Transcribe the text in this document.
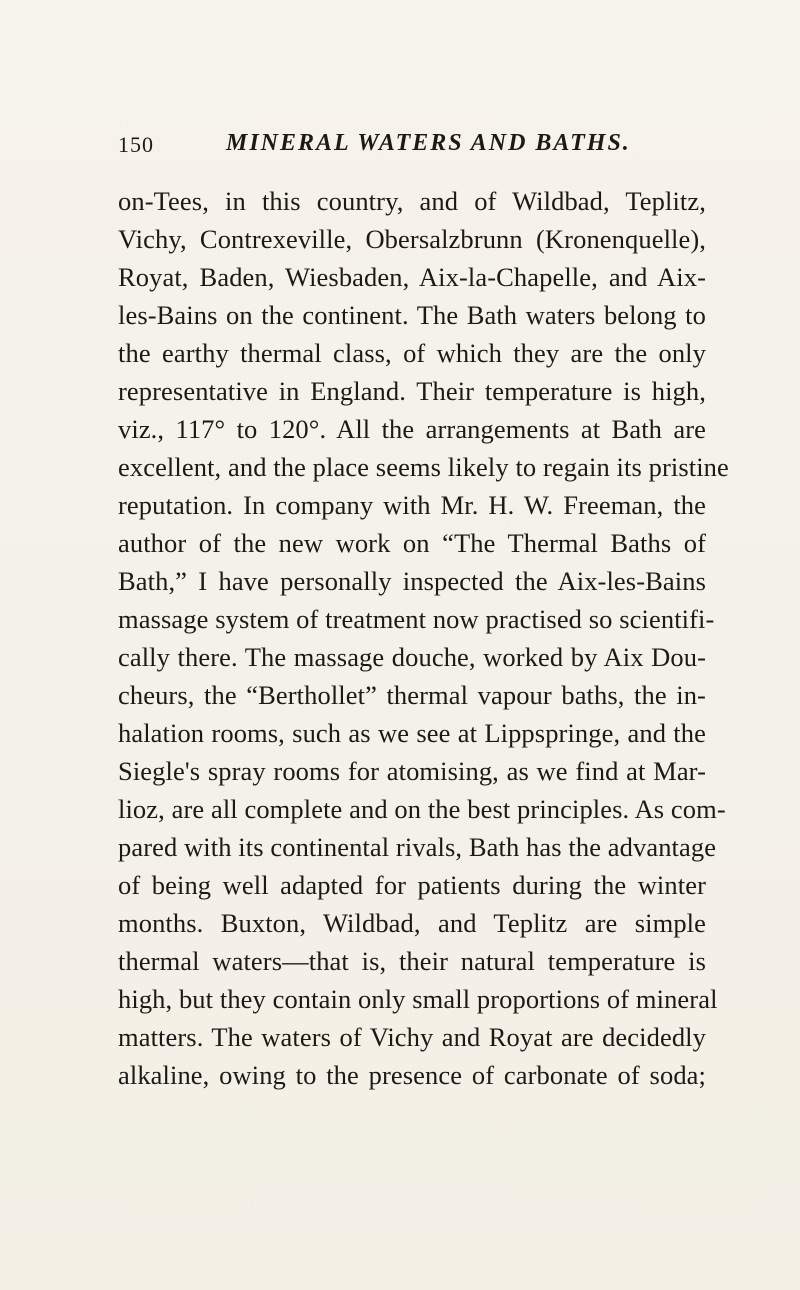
150	MINERAL WATERS AND BATHS.
on-Tees, in this country, and of Wildbad, Teplitz,
Vichy, Contrexeville, Obersalzbrunn (Kronenquelle),
Royat, Baden, Wiesbaden, Aix-la-Chapelle, and Aix-
les-Bains on the continent. The Bath waters belong to
the earthy thermal class, of which they are the only
representative in England. Their temperature is high,
viz., 117° to 120°. All the arrangements at Bath are
excellent, and the place seems likely to regain its pristine
reputation. In company with Mr. H. W. Freeman, the
author of the new work on “The Thermal Baths of
Bath,” I have personally inspected the Aix-les-Bains
massage system of treatment now practised so scientifi-
cally there. The massage douche, worked by Aix Dou-
cheurs, the “Berthollet” thermal vapour baths, the in-
halation rooms, such as we see at Lippspringe, and the
Siegle's spray rooms for atomising, as we find at Mar-
lioz, are all complete and on the best principles. As com-
pared with its continental rivals, Bath has the advantage
of being well adapted for patients during the winter
months. Buxton, Wildbad, and Teplitz are simple
thermal waters—that is, their natural temperature is
high, but they contain only small proportions of mineral
matters. The waters of Vichy and Royat are decidedly
alkaline, owing to the presence of carbonate of soda;
